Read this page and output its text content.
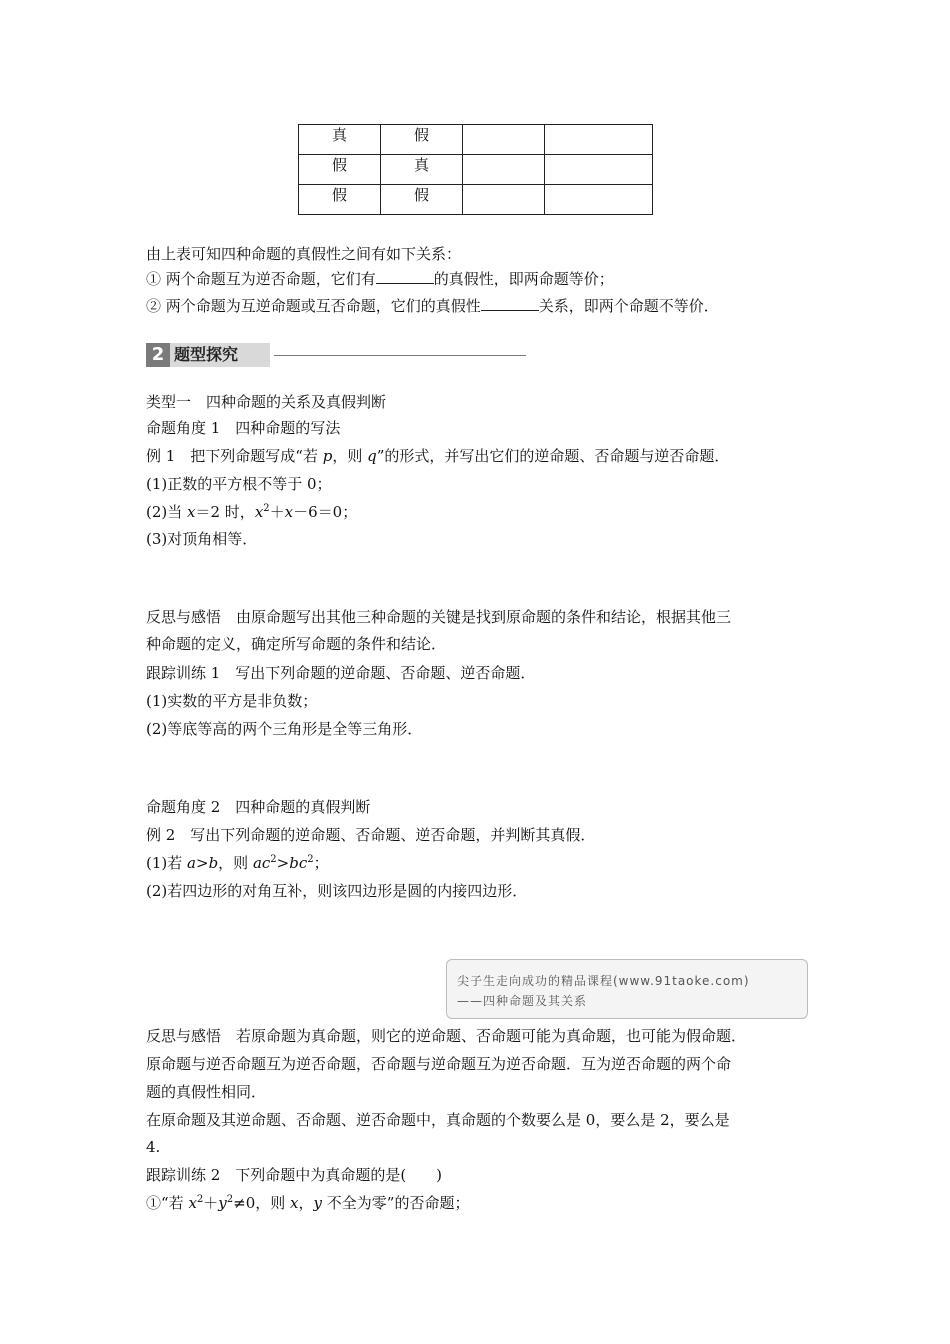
真	假		
假	真		
假	假		
由上表可知四种命题的真假性之间有如下关系：
① 两个命题互为逆否命题，它们有	的真假性，即两命题等价；
② 两个命题为互逆命题或互否命题，它们的真假性	关系，即两个命题不等价．
2 题型探究
类型一　四种命题的关系及真假判断
命题角度 1　四种命题的写法
例 1　把下列命题写成“若 p，则 q”的形式，并写出它们的逆命题、否命题与逆否命题．
(1)正数的平方根不等于 0；
(2)当 x＝2 时，$x^2+x-6=0$；
(3)对顶角相等．
反思与感悟　由原命题写出其他三种命题的关键是找到原命题的条件和结论，根据其他三
种命题的定义，确定所写命题的条件和结论．
跟踪训练 1　写出下列命题的逆命题、否命题、逆否命题．
(1)实数的平方是非负数；
(2)等底等高的两个三角形是全等三角形．
命题角度 2　四种命题的真假判断
例 2　写出下列命题的逆命题、否命题、逆否命题，并判断其真假．
(1)若 a>b，则 $ac^2>bc^2$；
(2)若四边形的对角互补，则该四边形是圆的内接四边形．
尖子生走向成功的精品课程(www.91taoke.com)
——四种命题及其关系
反思与感悟　若原命题为真命题，则它的逆命题、否命题可能为真命题，也可能为假命题．
原命题与逆否命题互为逆否命题，否命题与逆命题互为逆否命题．互为逆否命题的两个命
题的真假性相同．
在原命题及其逆命题、否命题、逆否命题中，真命题的个数要么是 0，要么是 2，要么是
4.
跟踪训练 2　下列命题中为真命题的是(　　)
①“若 $x^2+y^2\ne 0$，则 x，y 不全为零”的否命题；
